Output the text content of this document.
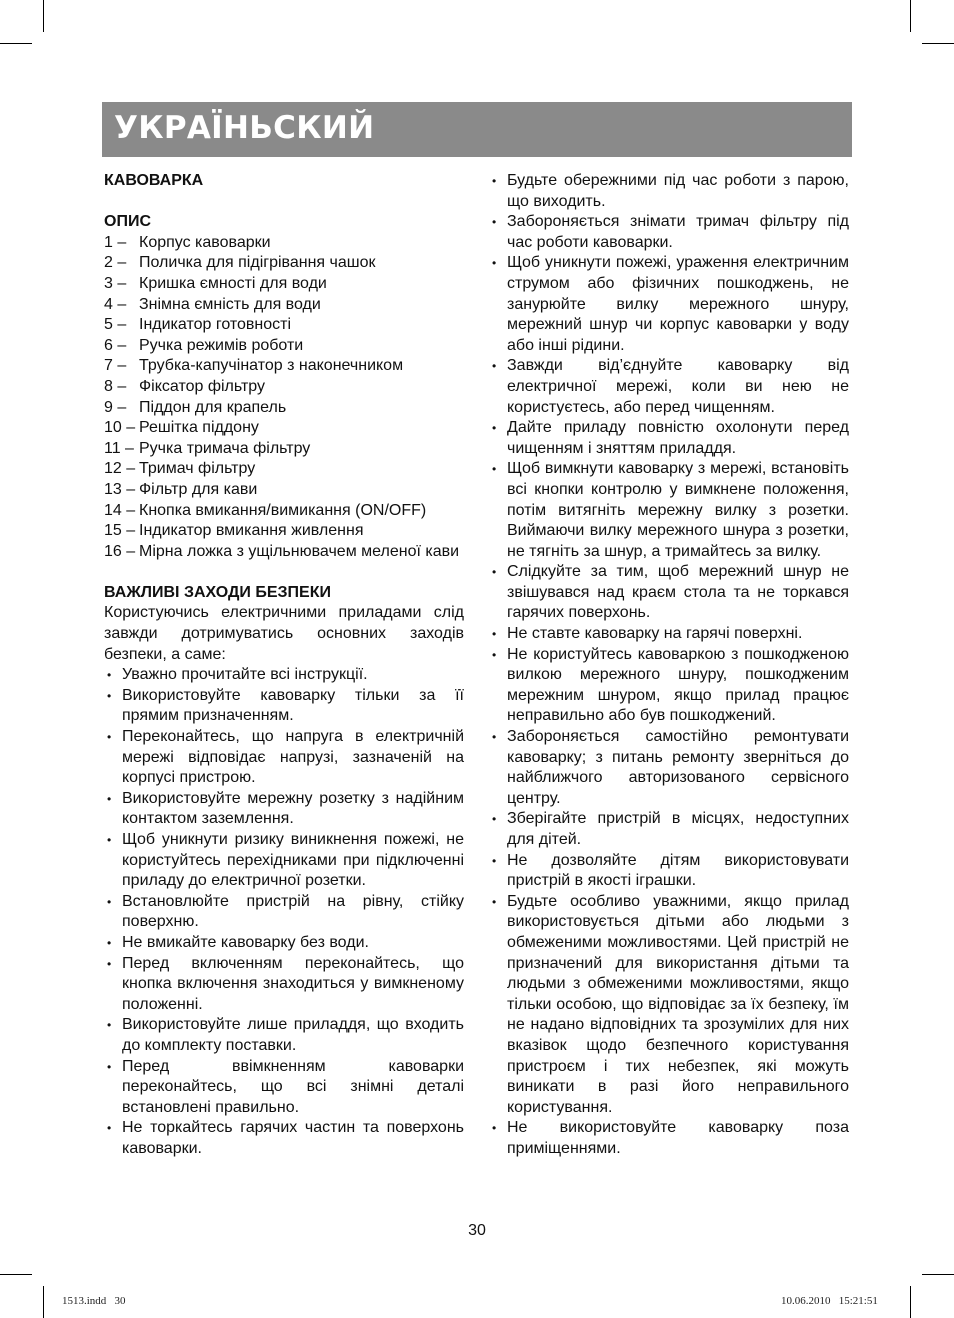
УКРАЇНЬСКИЙ

КАВОВАРКА

ОПИС

1 – Корпус кавоварки
2 – Поличка для підігрівання чашок
3 – Кришка ємності для води
4 – Знімна ємність для води
5 – Індикатор готовності
6 – Ручка режимів роботи
7 – Трубка-капучінатор з наконечником
8 – Фіксатор фільтру
9 – Піддон для крапель
10 – Решітка піддону
11 – Ручка тримача фільтру
12 – Тримач фільтру
13 – Фільтр для кави
14 – Кнопка вмикання/вимикання (ON/OFF)
15 – Індикатор вмикання живлення
16 – Мірна ложка з ущільнювачем меленої кави

ВАЖЛИВІ ЗАХОДИ БЕЗПЕКИ

Користуючись електричними приладами слід завжди дотримуватись основних заходів безпеки, а саме:

• Уважно прочитайте всі інструкції.
• Використовуйте кавоварку тільки за її прямим призначенням.
• Переконайтесь, що напруга в електричній мережі відповідає напрузі, зазначеній на корпусі пристрою.
• Використовуйте мережну розетку з надійним контактом заземлення.
• Щоб уникнути ризику виникнення пожежі, не користуйтесь перехідниками при підключенні приладу до електричної розетки.
• Встановлюйте пристрій на рівну, стійку поверхню.
• Не вмикайте кавоварку без води.
• Перед включенням переконайтесь, що кнопка включення знаходиться у вимкненому положенні.
• Використовуйте лише приладдя, що входить до комплекту поставки.
• Перед ввімкненням кавоварки переконайтесь, що всі знімні деталі встановлені правильно.
• Не торкайтесь гарячих частин та поверхонь кавоварки.
• Будьте обережними під час роботи з парою, що виходить.
• Забороняється знімати тримач фільтру під час роботи кавоварки.
• Щоб уникнути пожежі, ураження електричним струмом або фізичних пошкоджень, не занурюйте вилку мережного шнуру, мережний шнур чи корпус кавоварки у воду або інші рідини.
• Завжди від’єднуйте кавоварку від електричної мережі, коли ви нею не користуєтесь, або перед чищенням.
• Дайте приладу повністю охолонути перед чищенням і зняттям приладдя.
• Щоб вимкнути кавоварку з мережі, встановіть всі кнопки контролю у вимкнене положення, потім витягніть мережну вилку з розетки. Виймаючи вилку мережного шнура з розетки, не тягніть за шнур, а тримайтесь за вилку.
• Слідкуйте за тим, щоб мережний шнур не звішувався над краєм стола та не торкався гарячих поверхонь.
• Не ставте кавоварку на гарячі поверхні.
• Не користуйтесь кавоваркою з пошкодженою вилкою мережного шнуру, пошкодженим мережним шнуром, якщо прилад працює неправильно або був пошкоджений.
• Забороняється самостійно ремонтувати кавоварку; з питань ремонту зверніться до найближчого авторизованого сервісного центру.
• Зберігайте пристрій в місцях, недоступних для дітей.
• Не дозволяйте дітям використовувати пристрій в якості іграшки.
• Будьте особливо уважними, якщо прилад використовується дітьми або людьми з обмеженими можливостями. Цей пристрій не призначений для використання дітьми та людьми з обмеженими можливостями, якщо тільки особою, що відповідає за їх безпеку, їм не надано відповідних та зрозумілих для них вказівок щодо безпечного користування пристроєм і тих небезпек, які можуть виникати в разі його неправильного користування.
• Не використовуйте кавоварку поза приміщеннями.
30
1513.indd   30	10.06.2010   15:21:51
